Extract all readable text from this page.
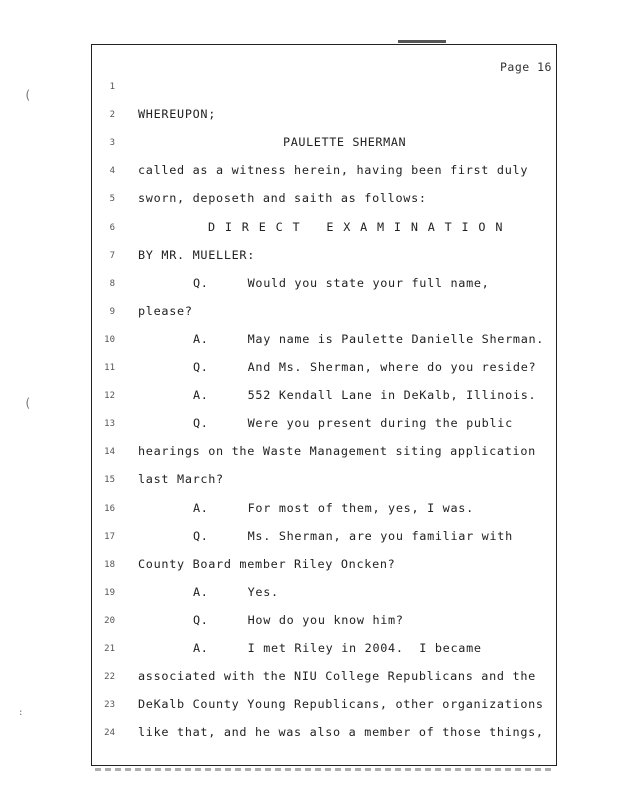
Page 16
(
(
:
1
2 WHEREUPON;
3	PAULETTE SHERMAN
4 called as a witness herein, having been first duly
5 sworn, deposeth and saith as follows:
6	DIRECT EXAMINATION
7 BY MR. MUELLER:
8	Q.     Would you state your full name,
9 please?
10	A.     May name is Paulette Danielle Sherman.
11	Q.     And Ms. Sherman, where do you reside?
12	A.     552 Kendall Lane in DeKalb, Illinois.
13	Q.     Were you present during the public
14 hearings on the Waste Management siting application
15 last March?
16	A.     For most of them, yes, I was.
17	Q.     Ms. Sherman, are you familiar with
18 County Board member Riley Oncken?
19	A.     Yes.
20	Q.     How do you know him?
21	A.     I met Riley in 2004.  I became
22 associated with the NIU College Republicans and the
23 DeKalb County Young Republicans, other organizations
24 like that, and he was also a member of those things,
